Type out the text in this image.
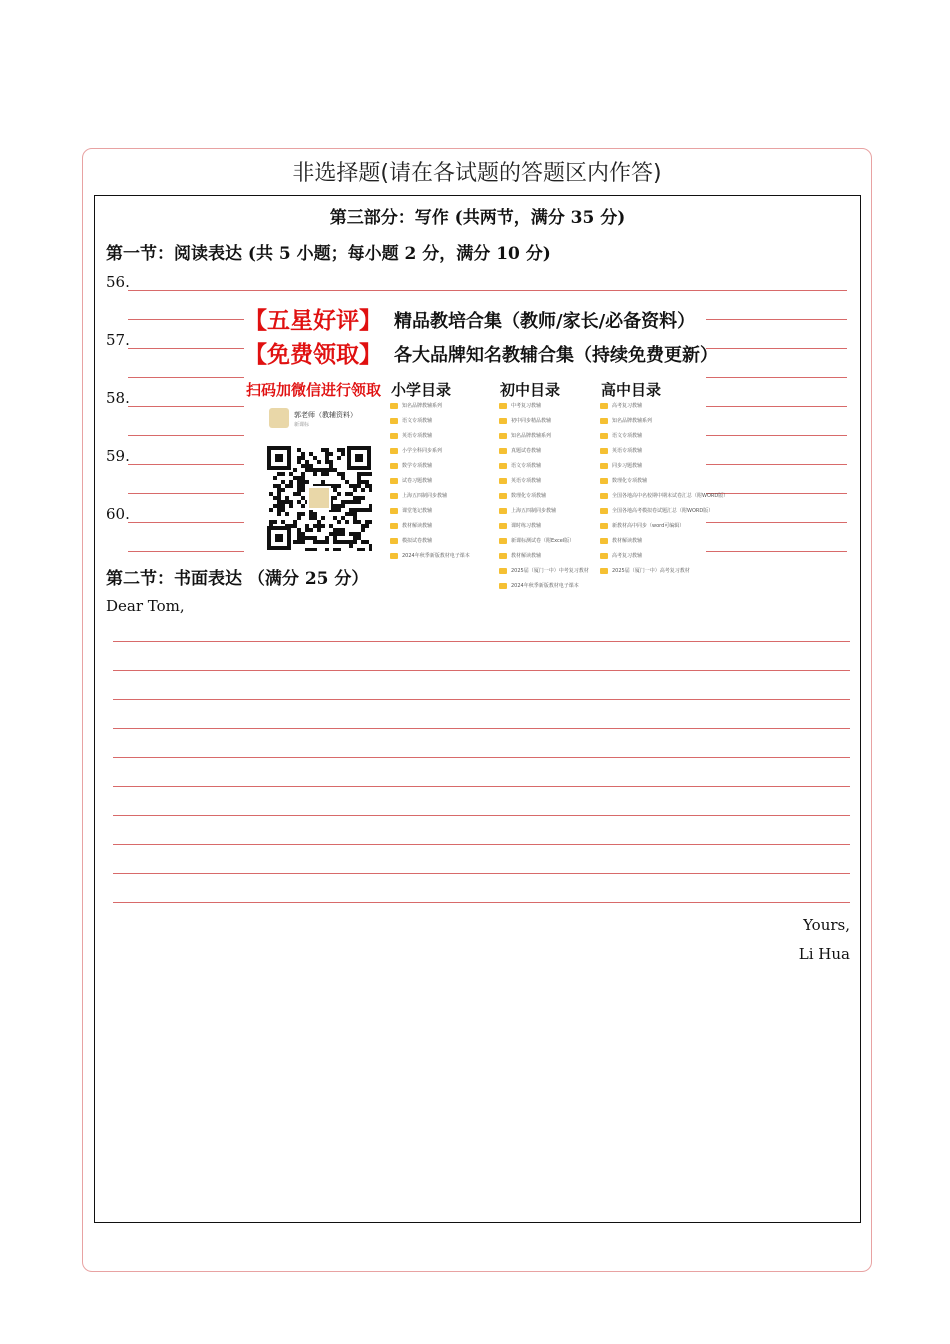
非选择题(请在各试题的答题区内作答)
第三部分：写作 (共两节，满分 35 分)
第一节：阅读表达 (共 5 小题；每小题 2 分，满分 10 分)
56.
57.
58.
59.
60.
第二节：书面表达 （满分 25 分）
Dear Tom,
Yours,
Li Hua
【五星好评】 精品教培合集（教师/家长/必备资料）
【免费领取】 各大品牌知名教辅合集（持续免费更新）
扫码加微信进行领取
郭老师（教辅资料）
新课标
小学目录
知名品牌教辅系列
语文专项教辅
英语专项教辅
小学全科同步系列
数学专项教辅
试卷习题教辅
上海五四制同步教辅
课堂笔记教辅
教材解读教辅
模拟试卷教辅
2024年秋季新版教材电子课本
初中目录
中考复习教辅
初中同步精品教辅
知名品牌教辅系列
真题试卷教辅
语文专项教辅
英语专项教辅
数理化专项教辅
上海五四制同步教辅
课时练习教辅
新课标测试卷（附Excel版）
教材解读教辅
2025届（厦门一中）中考复习教材
2024年秋季新版教材电子课本
高中目录
高考复习教辅
知名品牌教辅系列
语文专项教辅
英语专项教辅
同步习题教辅
数理化专项教辅
全国各地高中名校期中期末试卷汇总（附WORD版）
全国各地高考模拟卷试题汇总（附WORD版）
新教材高中同步（word可编辑）
教材解读教辅
高考复习教辅
2025届（厦门一中）高考复习教材
